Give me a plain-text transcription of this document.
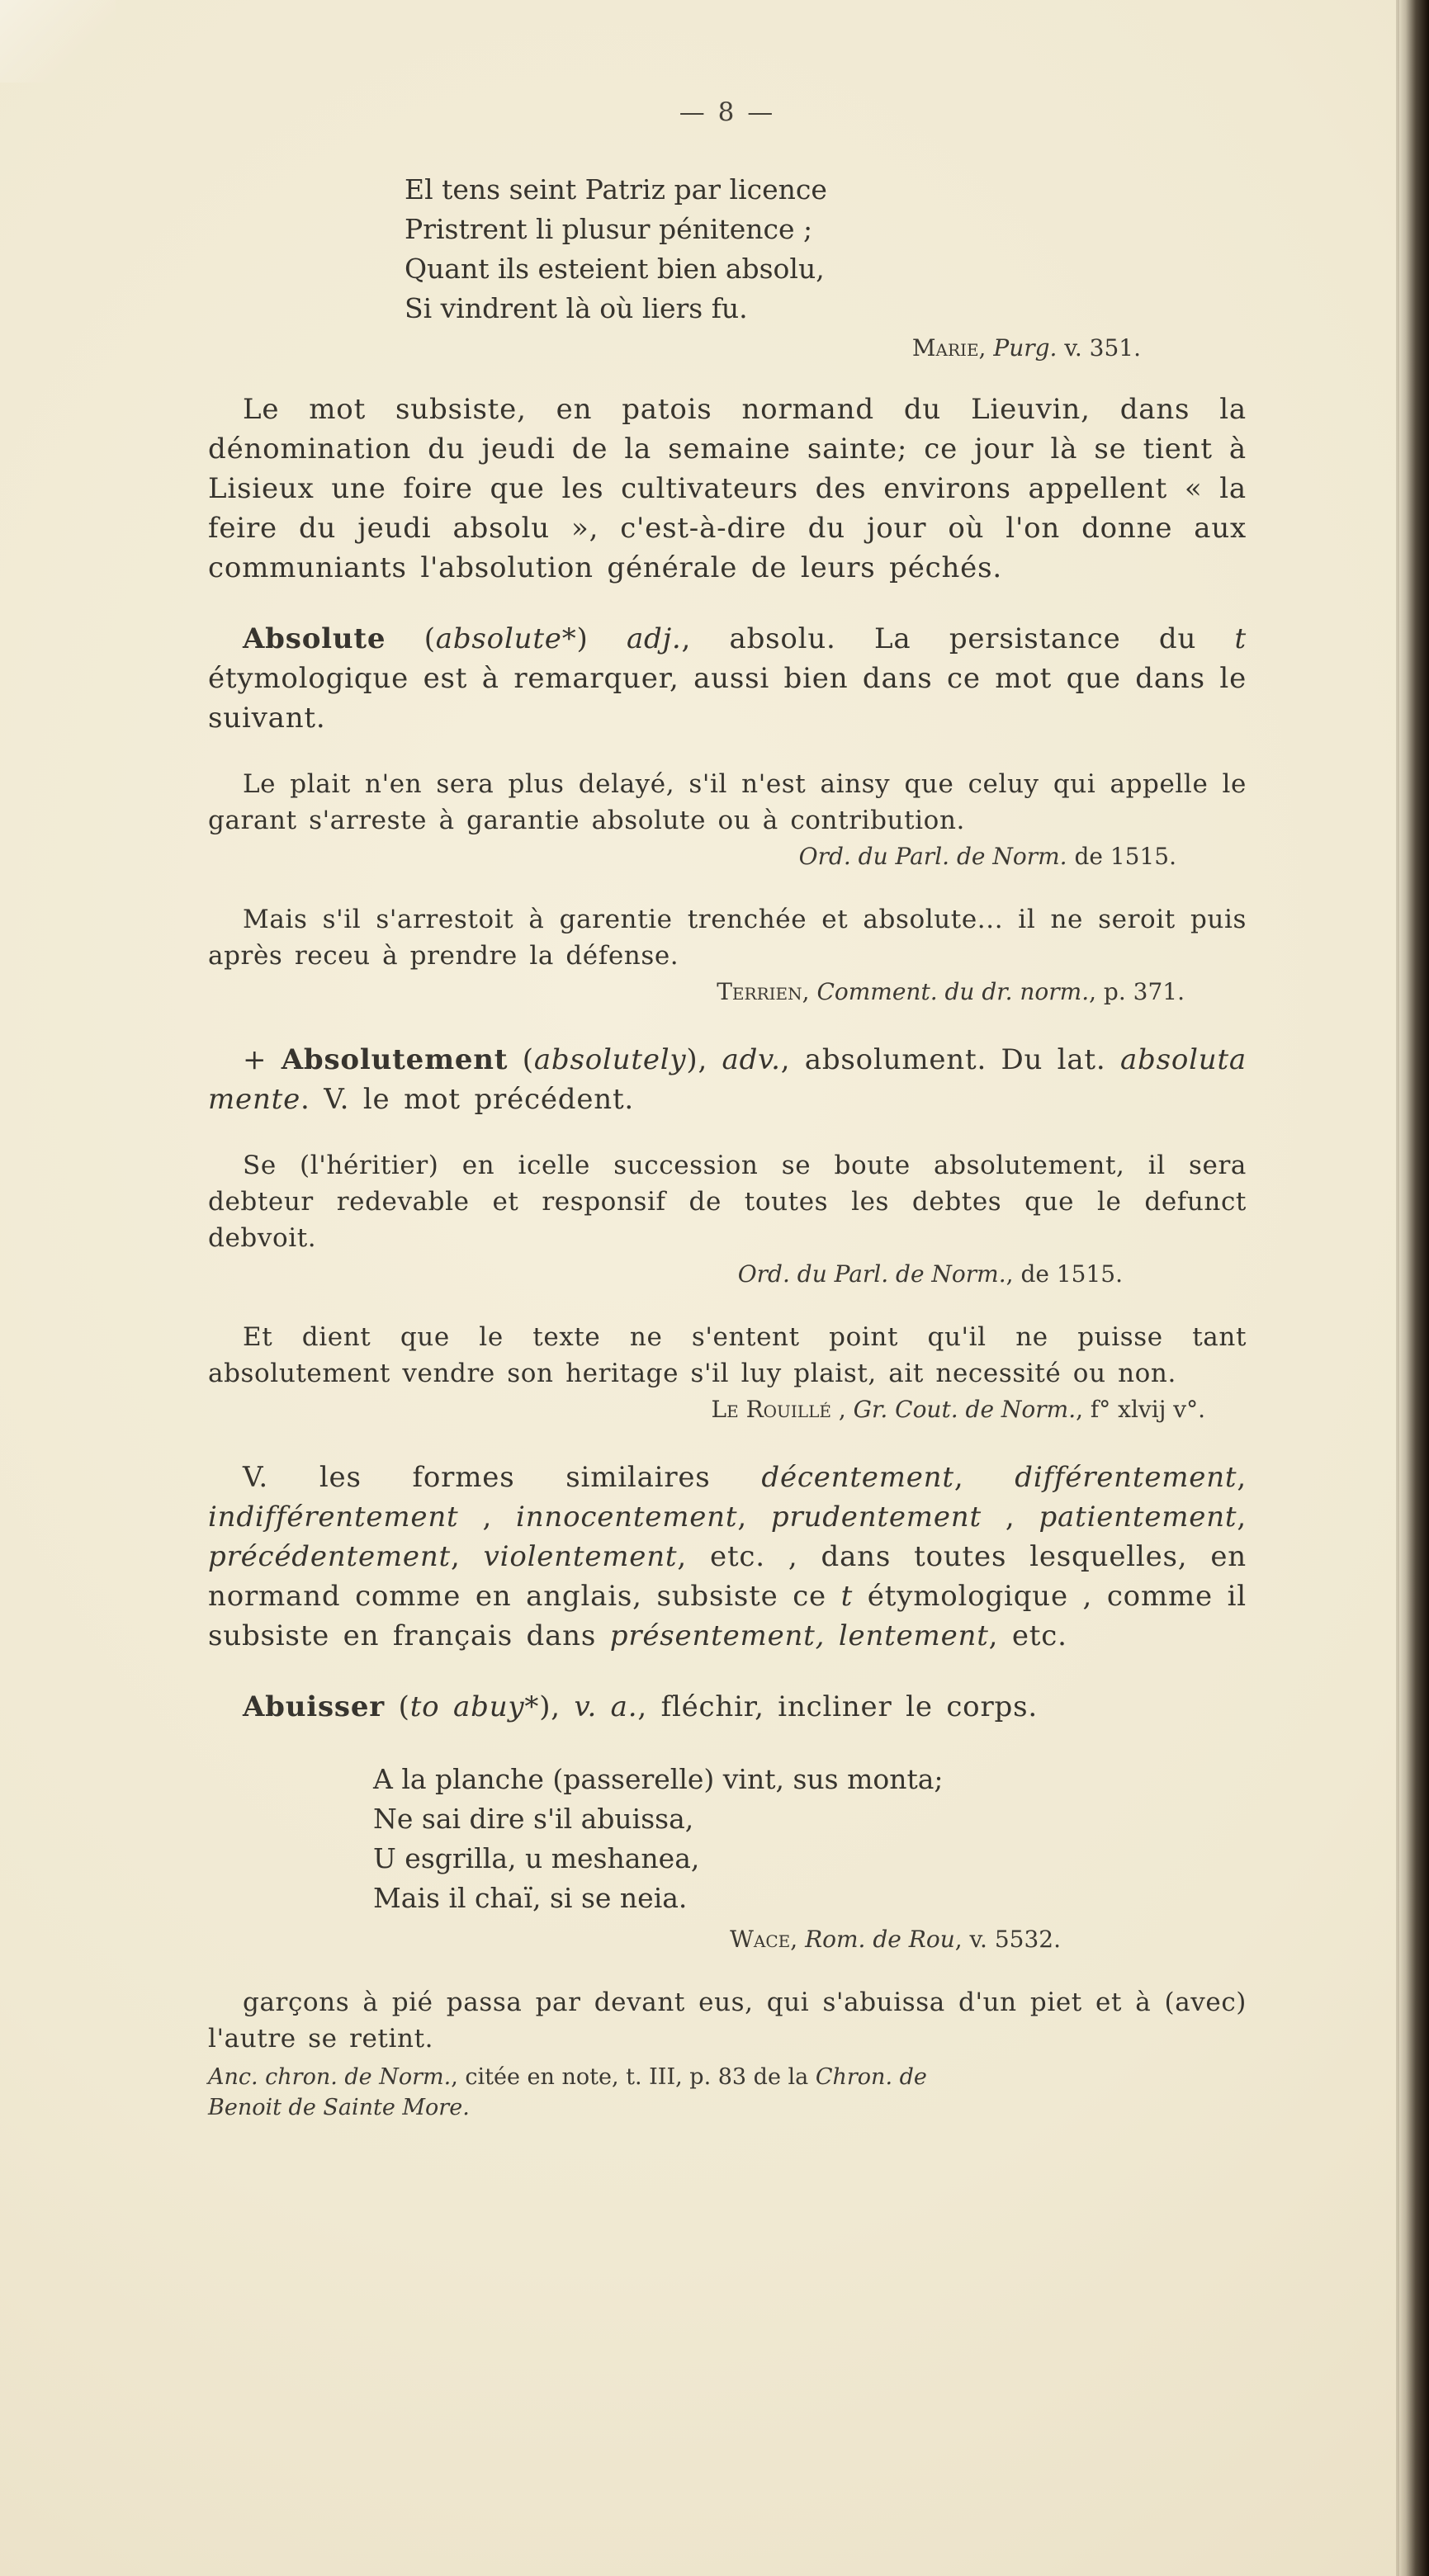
— 8 —
El tens seint Patriz par licence
Pristrent li plusur pénitence ;
Quant ils esteient bien absolu,
Si vindrent là où liers fu.
Marie, Purg. v. 351.

Le mot subsiste, en patois normand du Lieuvin, dans la dénomination du jeudi de la semaine sainte; ce jour là se tient à Lisieux une foire que les cultivateurs des environs appellent « la feire du jeudi absolu », c'est-à-dire du jour où l'on donne aux communiants l'absolution générale de leurs péchés.

Absolute (absolute*) adj., absolu. La persistance du t étymologique est à remarquer, aussi bien dans ce mot que dans le suivant.

Le plait n'en sera plus delayé, s'il n'est ainsy que celuy qui appelle le garant s'arreste à garantie absolute ou à contribution.

Ord. du Parl. de Norm. de 1515.

Mais s'il s'arrestoit à garentie trenchée et absolute... il ne seroit puis après receu à prendre la défense.

Terrien, Comment. du dr. norm., p. 371.

+ Absolutement (absolutely), adv., absolument. Du lat. absoluta mente. V. le mot précédent.

Se (l'héritier) en icelle succession se boute absolutement, il sera debteur redevable et responsif de toutes les debtes que le defunct debvoit.

Ord. du Parl. de Norm., de 1515.

Et dient que le texte ne s'entent point qu'il ne puisse tant absolutement vendre son heritage s'il luy plaist, ait necessité ou non.

Le Rouillé , Gr. Cout. de Norm., f° xlvij v°.

V. les formes similaires décentement, différentement, indifférentement , innocentement, prudentement , patientement, précédentement, violentement, etc. , dans toutes lesquelles, en normand comme en anglais, subsiste ce t étymologique , comme il subsiste en français dans présentement, lentement, etc.

Abuisser (to abuy*), v. a., fléchir, incliner le corps.

A la planche (passerelle) vint, sus monta;
Ne sai dire s'il abuissa,
U esgrilla, u meshanea,
Mais il chaï, si se neia.
Wace, Rom. de Rou, v. 5532.

garçons à pié passa par devant eus, qui s'abuissa d'un piet et à (avec) l'autre se retint.

Anc. chron. de Norm., citée en note, t. III, p. 83 de la Chron. de
Benoit de Sainte More.
